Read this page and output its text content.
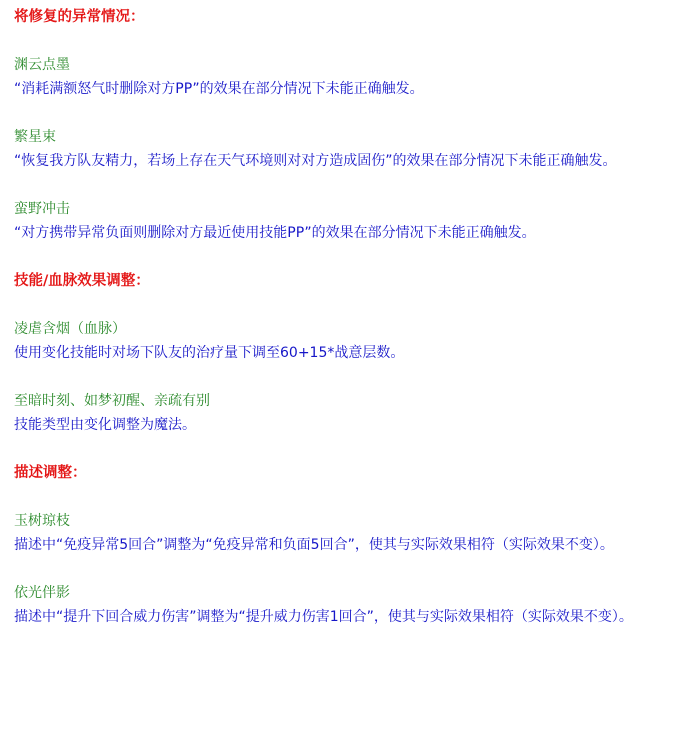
将修复的异常情况：
渊云点墨
“消耗满额怒气时删除对方PP”的效果在部分情况下未能正确触发。
繁星束
“恢复我方队友精力，若场上存在天气环境则对对方造成固伤”的效果在部分情况下未能正确触发。
蛮野冲击
“对方携带异常负面则删除对方最近使用技能PP”的效果在部分情况下未能正确触发。
技能/血脉效果调整：
凌虐含烟（血脉）
使用变化技能时对场下队友的治疗量下调至60+15*战意层数。
至暗时刻、如梦初醒、亲疏有别
技能类型由变化调整为魔法。
描述调整：
玉树琼枝
描述中“免疫异常5回合”调整为“免疫异常和负面5回合”，使其与实际效果相符（实际效果不变）。
依光伴影
描述中“提升下回合威力伤害”调整为“提升威力伤害1回合”，使其与实际效果相符（实际效果不变）。
